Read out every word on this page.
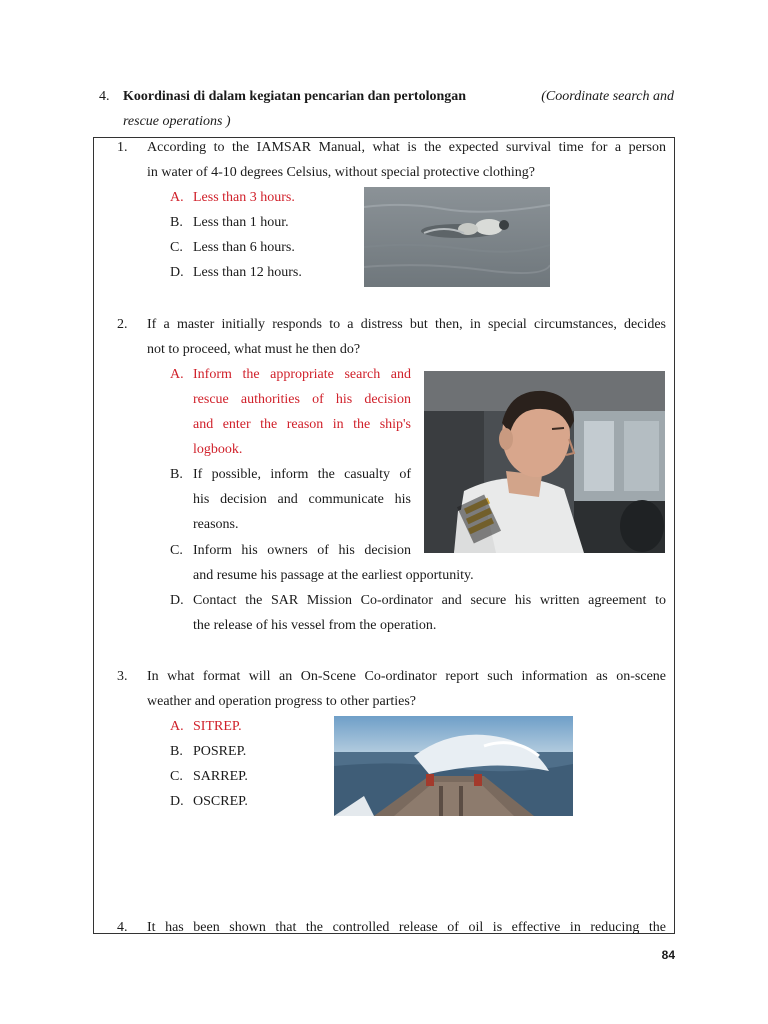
4. Koordinasi di dalam kegiatan pencarian dan pertolongan	(Coordinate search and
rescue operations )
1. According to the IAMSAR Manual, what is the expected survival time for a person
in water of 4-10 degrees Celsius, without special protective clothing?
A. Less than 3 hours.
B. Less than 1 hour.
C. Less than 6 hours.
D. Less than 12 hours.
2. If a master initially responds to a distress but then, in special circumstances, decides
not to proceed, what must he then do?
A. Inform the appropriate search and
rescue authorities of his decision
and enter the reason in the ship's
logbook.
B. If possible, inform the casualty of
his decision and communicate his
reasons.
C. Inform his owners of his decision
and resume his passage at the earliest opportunity.
D. Contact the SAR Mission Co-ordinator and secure his written agreement to
the release of his vessel from the operation.
3. In what format will an On-Scene Co-ordinator report such information as on-scene
weather and operation progress to other parties?
A. SITREP.
B. POSREP.
C. SARREP.
D. OSCREP.
4. It has been shown that the controlled release of oil is effective in reducing the
84
